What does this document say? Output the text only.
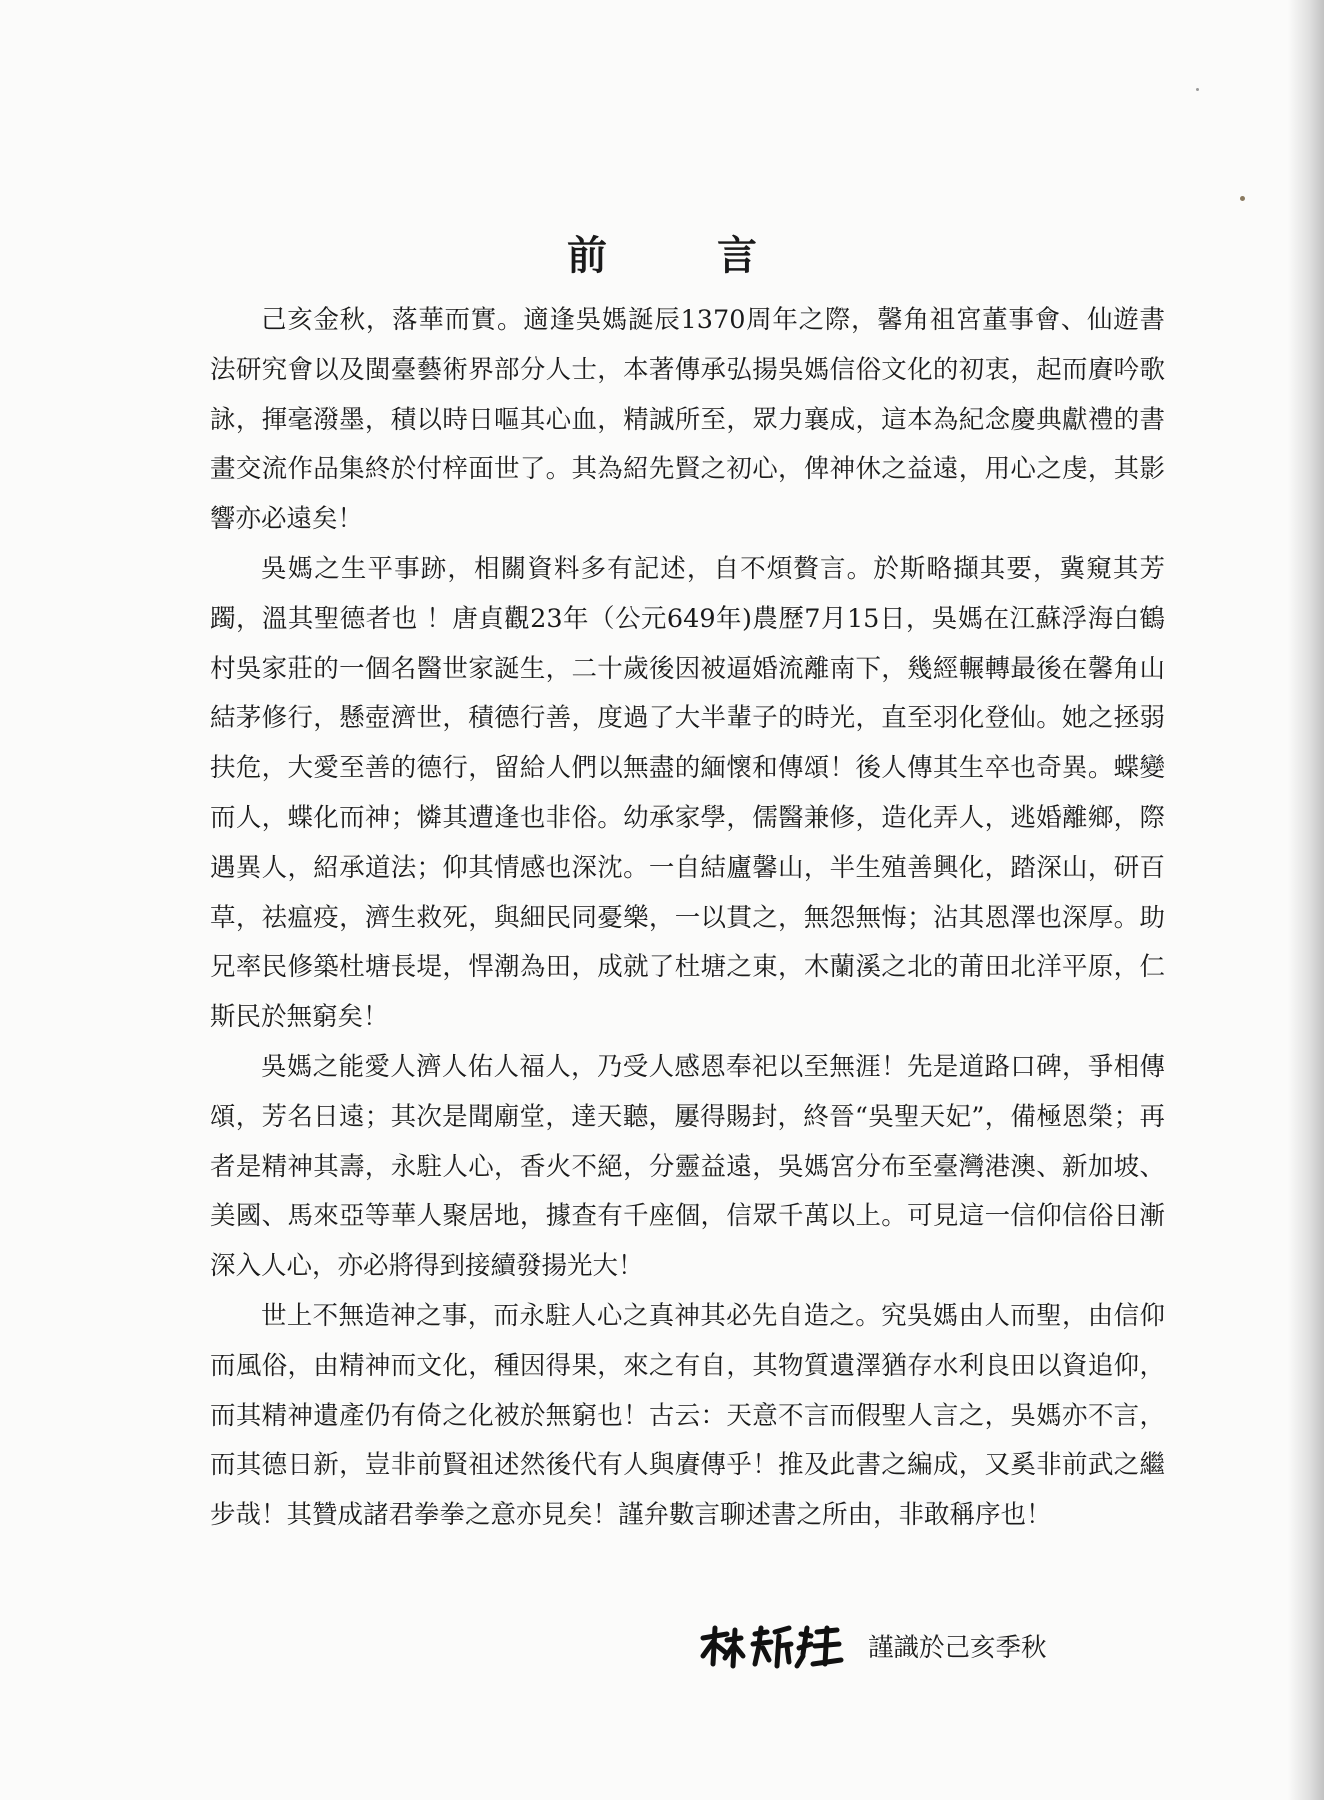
前 言

己亥金秋，落華而實。適逢吳媽誕辰1370周年之際，馨角祖宮董事會、仙遊書法研究會以及閩臺藝術界部分人士，本著傳承弘揚吳媽信俗文化的初衷，起而賡吟歌詠，揮毫潑墨，積以時日嘔其心血，精誠所至，眾力襄成，這本為紀念慶典獻禮的書畫交流作品集終於付梓面世了。其為紹先賢之初心，俾神休之益遠，用心之虔，其影響亦必遠矣！

吳媽之生平事跡，相關資料多有記述，自不煩贅言。於斯略擷其要，冀窺其芳躅，溫其聖德者也 ！唐貞觀23年（公元649年)農歷7月15日，吳媽在江蘇浮海白鶴村吳家莊的一個名醫世家誕生，二十歲後因被逼婚流離南下，幾經輾轉最後在馨角山結茅修行，懸壺濟世，積德行善，度過了大半輩子的時光，直至羽化登仙。她之拯弱扶危，大愛至善的德行，留給人們以無盡的緬懷和傳頌！後人傳其生卒也奇異。蝶變而人，蝶化而神；憐其遭逢也非俗。幼承家學，儒醫兼修，造化弄人，逃婚離鄉，際遇異人，紹承道法；仰其情感也深沈。一自結廬馨山，半生殖善興化，踏深山，研百草，祛瘟疫，濟生救死，與細民同憂樂，一以貫之，無怨無悔；沾其恩澤也深厚。助兄率民修築杜塘長堤，悍潮為田，成就了杜塘之東，木蘭溪之北的莆田北洋平原，仁斯民於無窮矣！

吳媽之能愛人濟人佑人福人，乃受人感恩奉祀以至無涯！先是道路口碑，爭相傳頌，芳名日遠；其次是聞廟堂，達天聽，屢得賜封，終晉“吳聖天妃”，備極恩榮；再者是精神其壽，永駐人心，香火不絕，分靈益遠，吳媽宮分布至臺灣港澳、新加坡、美國、馬來亞等華人聚居地，據查有千座個，信眾千萬以上。可見這一信仰信俗日漸深入人心，亦必將得到接續發揚光大！

世上不無造神之事，而永駐人心之真神其必先自造之。究吳媽由人而聖，由信仰而風俗，由精神而文化，種因得果，來之有自，其物質遺澤猶存水利良田以資追仰，而其精神遺產仍有倚之化被於無窮也！古云：天意不言而假聖人言之，吳媽亦不言，而其德日新，豈非前賢祖述然後代有人與賡傳乎！推及此書之編成，又奚非前武之繼步哉！其贊成諸君拳拳之意亦見矣！謹弁數言聊述書之所由，非敢稱序也！

謹識於己亥季秋
